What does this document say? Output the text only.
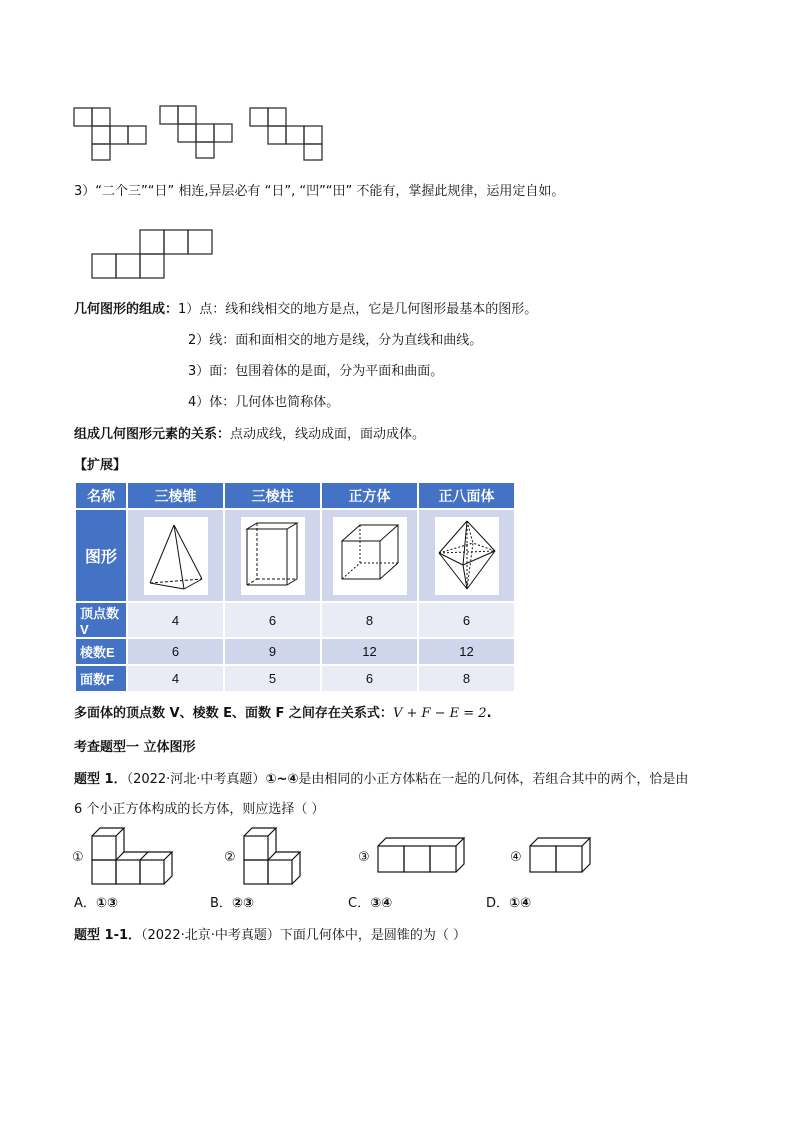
3）“二个三”“日” 相连,异层必有 “日”, “凹”“田” 不能有，掌握此规律，运用定自如。
几何图形的组成：1）点：线和线相交的地方是点，它是几何图形最基本的图形。
2）线：面和面相交的地方是线，分为直线和曲线。
3）面：包围着体的是面，分为平面和曲面。
4）体：几何体也简称体。
组成几何图形元素的关系：点动成线，线动成面，面动成体。
【扩展】
名称	三棱锥	三棱柱	正方体	正八面体
图形	

顶点数V	4	6	8	6
棱数E	6	9	12	12
面数F	4	5	6	8
多面体的顶点数 V、棱数 E、面数 F 之间存在关系式：V + F − E = 2.
考查题型一 立体图形
题型 1．（2022·河北·中考真题）①~④是由相同的小正方体粘在一起的几何体，若组合其中的两个，恰是由
6 个小正方体构成的长方体，则应选择（ ）
①	②	③	④
A．①③	B．②③	C．③④	D．①④
题型 1-1．（2022·北京·中考真题）下面几何体中，是圆锥的为（ ）
